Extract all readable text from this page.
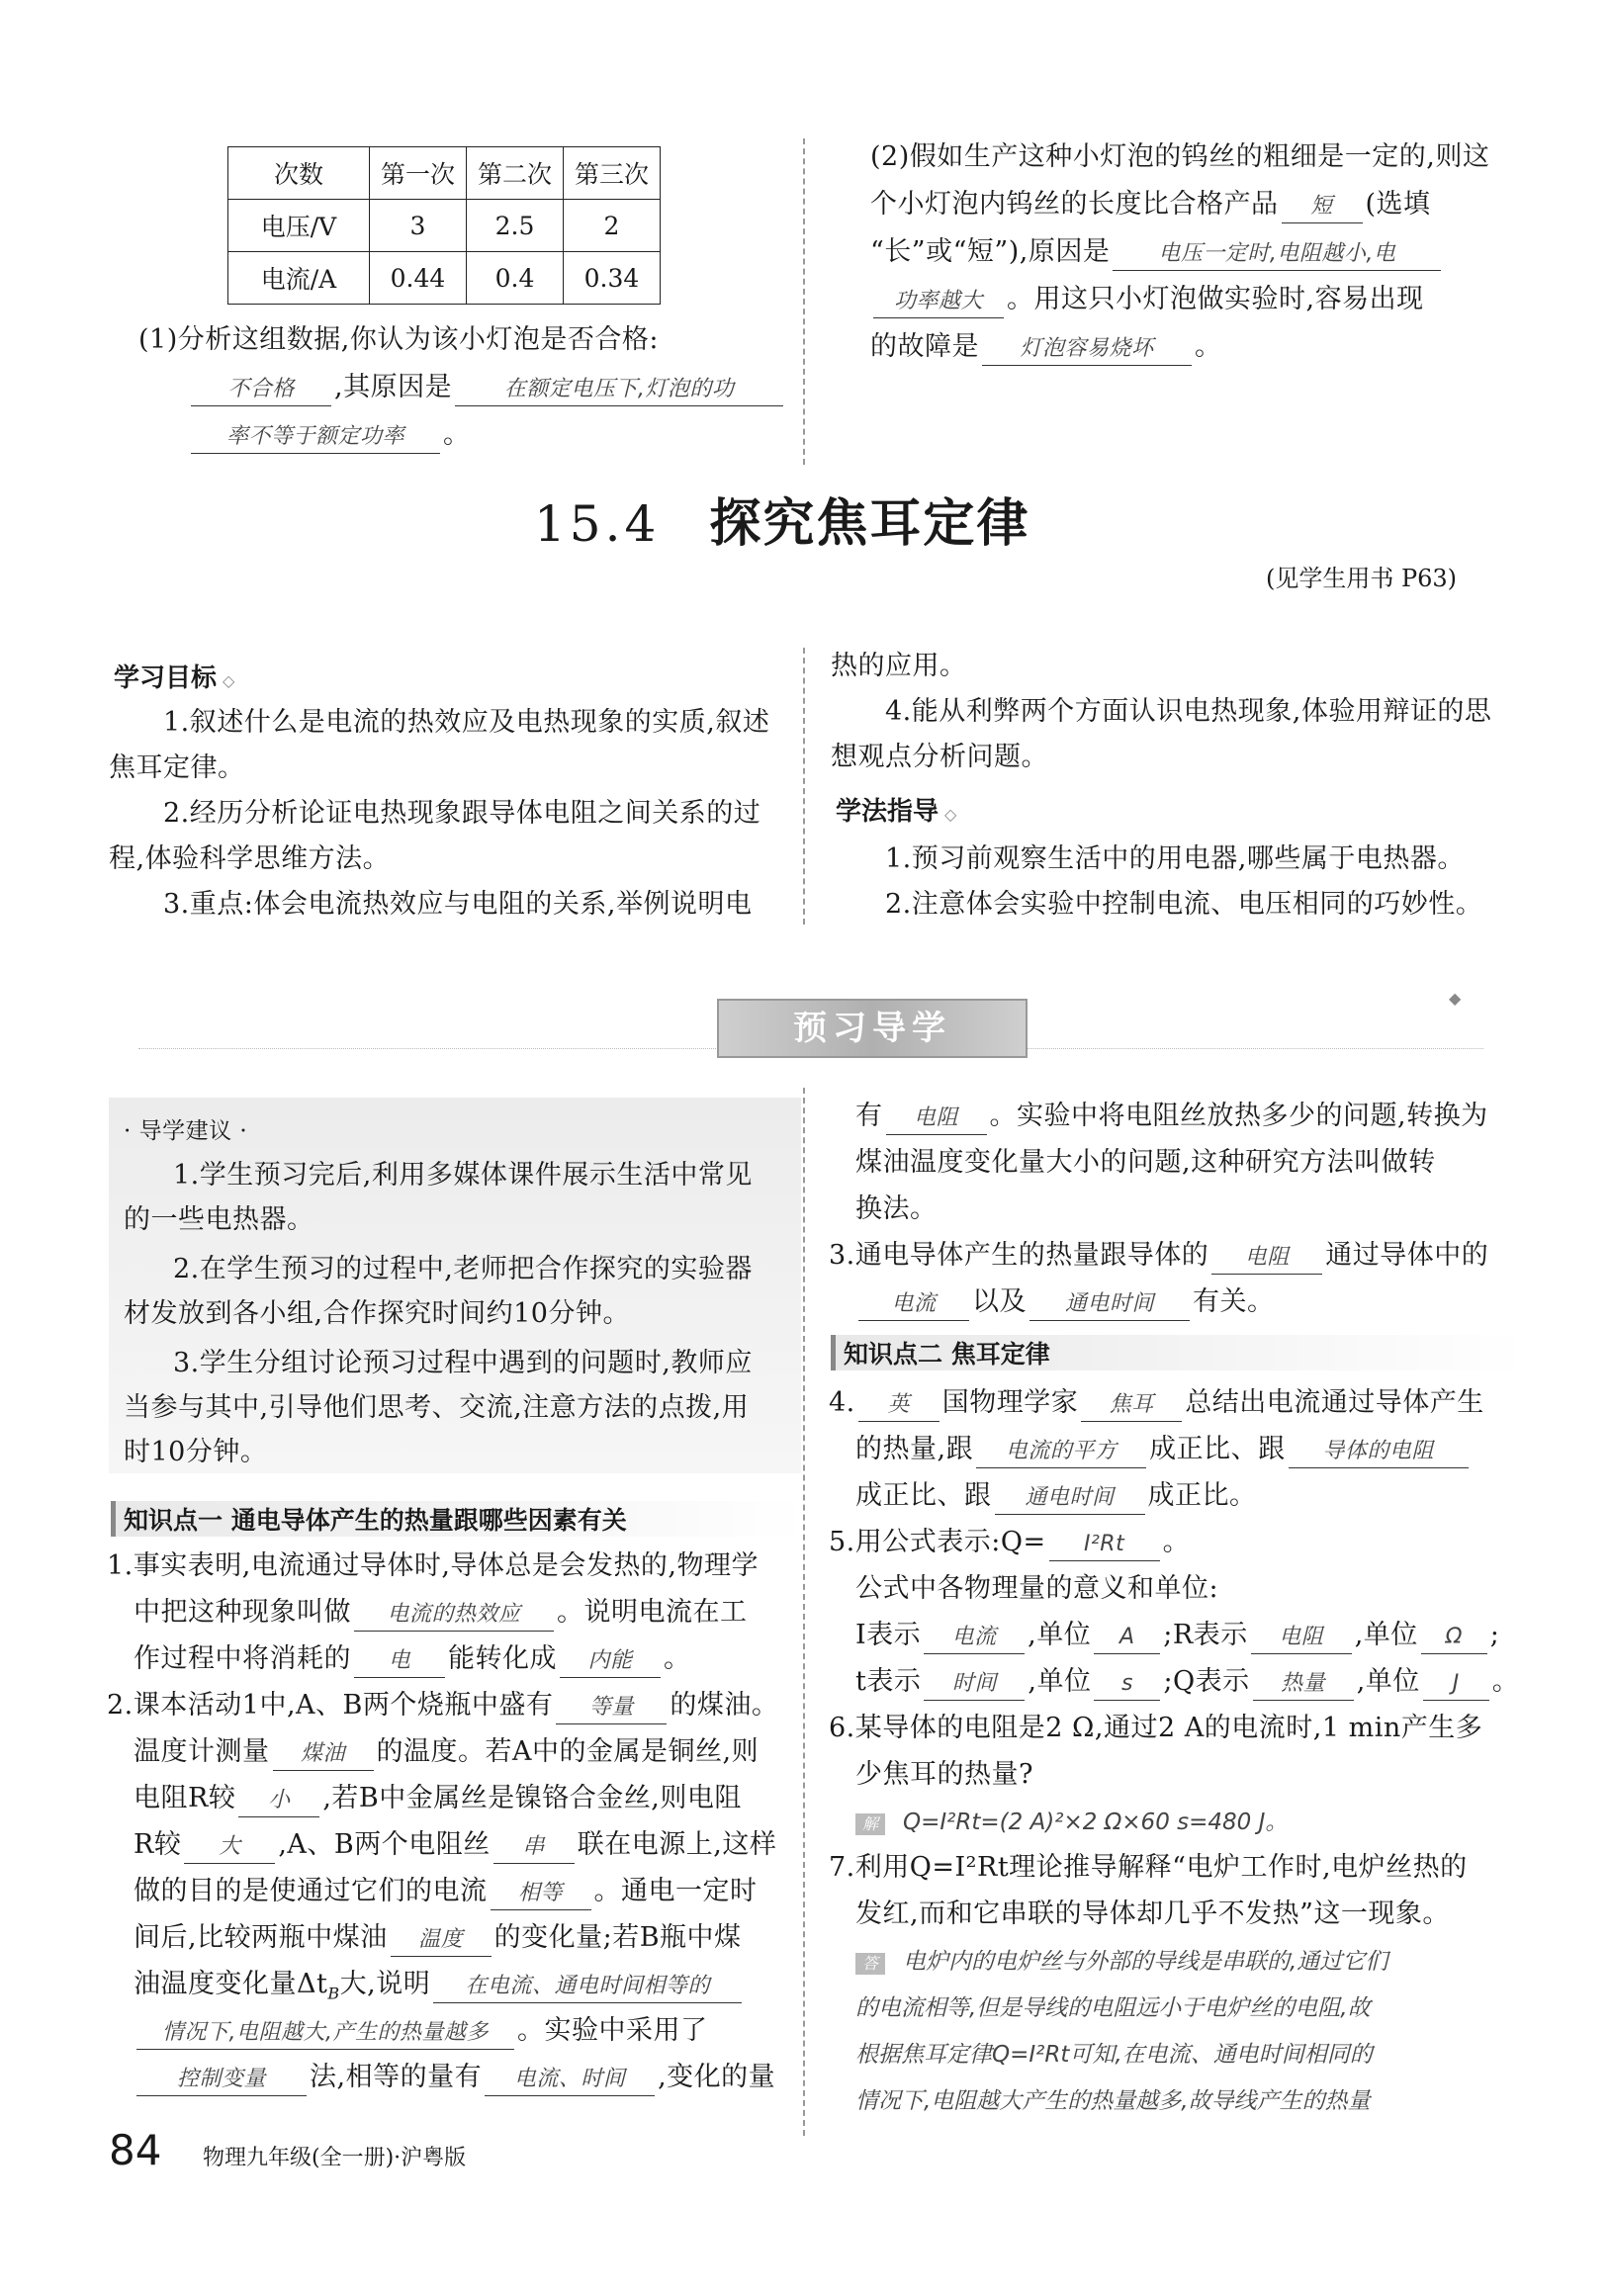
次数	第一次	第二次	第三次
电压/V	3	2.5	2
电流/A	0.44	0.4	0.34
(1)分析这组数据,你认为该小灯泡是否合格:
不合格 ,其原因是 在额定电压下,灯泡的功
率不等于额定功率 。
(2)假如生产这种小灯泡的钨丝的粗细是一定的,则这
个小灯泡内钨丝的长度比合格产品 短 (选填
“长”或“短”),原因是 电压一定时,电阻越小,电
功率越大 。用这只小灯泡做实验时,容易出现
的故障是 灯泡容易烧坏 。
15.4 探究焦耳定律
(见学生用书 P63)
学习目标 ◇
1.叙述什么是电流的热效应及电热现象的实质,叙述
焦耳定律。
2.经历分析论证电热现象跟导体电阻之间关系的过
程,体验科学思维方法。
3.重点:体会电流热效应与电阻的关系,举例说明电
热的应用。
4.能从利弊两个方面认识电热现象,体验用辩证的思
想观点分析问题。
学法指导 ◇
1.预习前观察生活中的用电器,哪些属于电热器。
2.注意体会实验中控制电流、电压相同的巧妙性。
预习导学
◆
· 导学建议 ·
1.学生预习完后,利用多媒体课件展示生活中常见
的一些电热器。
2.在学生预习的过程中,老师把合作探究的实验器
材发放到各小组,合作探究时间约10分钟。
3.学生分组讨论预习过程中遇到的问题时,教师应
当参与其中,引导他们思考、交流,注意方法的点拨,用
时10分钟。
知识点一 通电导体产生的热量跟哪些因素有关
1.事实表明,电流通过导体时,导体总是会发热的,物理学
中把这种现象叫做 电流的热效应 。说明电流在工
作过程中将消耗的 电 能转化成 内能 。
2.课本活动1中,A、B两个烧瓶中盛有 等量 的煤油。
温度计测量 煤油 的温度。若A中的金属是铜丝,则
电阻R较 小 ,若B中金属丝是镍铬合金丝,则电阻
R较 大 ,A、B两个电阻丝 串 联在电源上,这样
做的目的是使通过它们的电流 相等 。通电一定时
间后,比较两瓶中煤油 温度 的变化量;若B瓶中煤
油温度变化量$\Delta t_B$大,说明 在电流、通电时间相等的
情况下,电阻越大,产生的热量越多 。实验中采用了
控制变量 法,相等的量有 电流、时间 ,变化的量
有 电阻 。实验中将电阻丝放热多少的问题,转换为
煤油温度变化量大小的问题,这种研究方法叫做转
换法。
3.通电导体产生的热量跟导体的 电阻 通过导体中的
电流 以及 通电时间 有关。
知识点二 焦耳定律
4. 英 国物理学家 焦耳 总结出电流通过导体产生
的热量,跟 电流的平方 成正比、跟 导体的电阻
成正比、跟 通电时间 成正比。
5.用公式表示:Q= I²Rt 。
公式中各物理量的意义和单位:
I表示 电流 ,单位 A ;R表示 电阻 ,单位 Ω ;
t表示 时间 ,单位 s ;Q表示 热量 ,单位 J 。
6.某导体的电阻是2 Ω,通过2 A的电流时,1 min产生多
少焦耳的热量?
解 Q=I²Rt=(2 A)²×2 Ω×60 s=480 J。
7.利用Q=I²Rt理论推导解释“电炉工作时,电炉丝热的
发红,而和它串联的导体却几乎不发热”这一现象。
答 电炉内的电炉丝与外部的导线是串联的,通过它们
的电流相等,但是导线的电阻远小于电炉丝的电阻,故
根据焦耳定律Q=I²Rt可知,在电流、通电时间相同的
情况下,电阻越大产生的热量越多,故导线产生的热量
84 物理九年级(全一册)·沪粤版
